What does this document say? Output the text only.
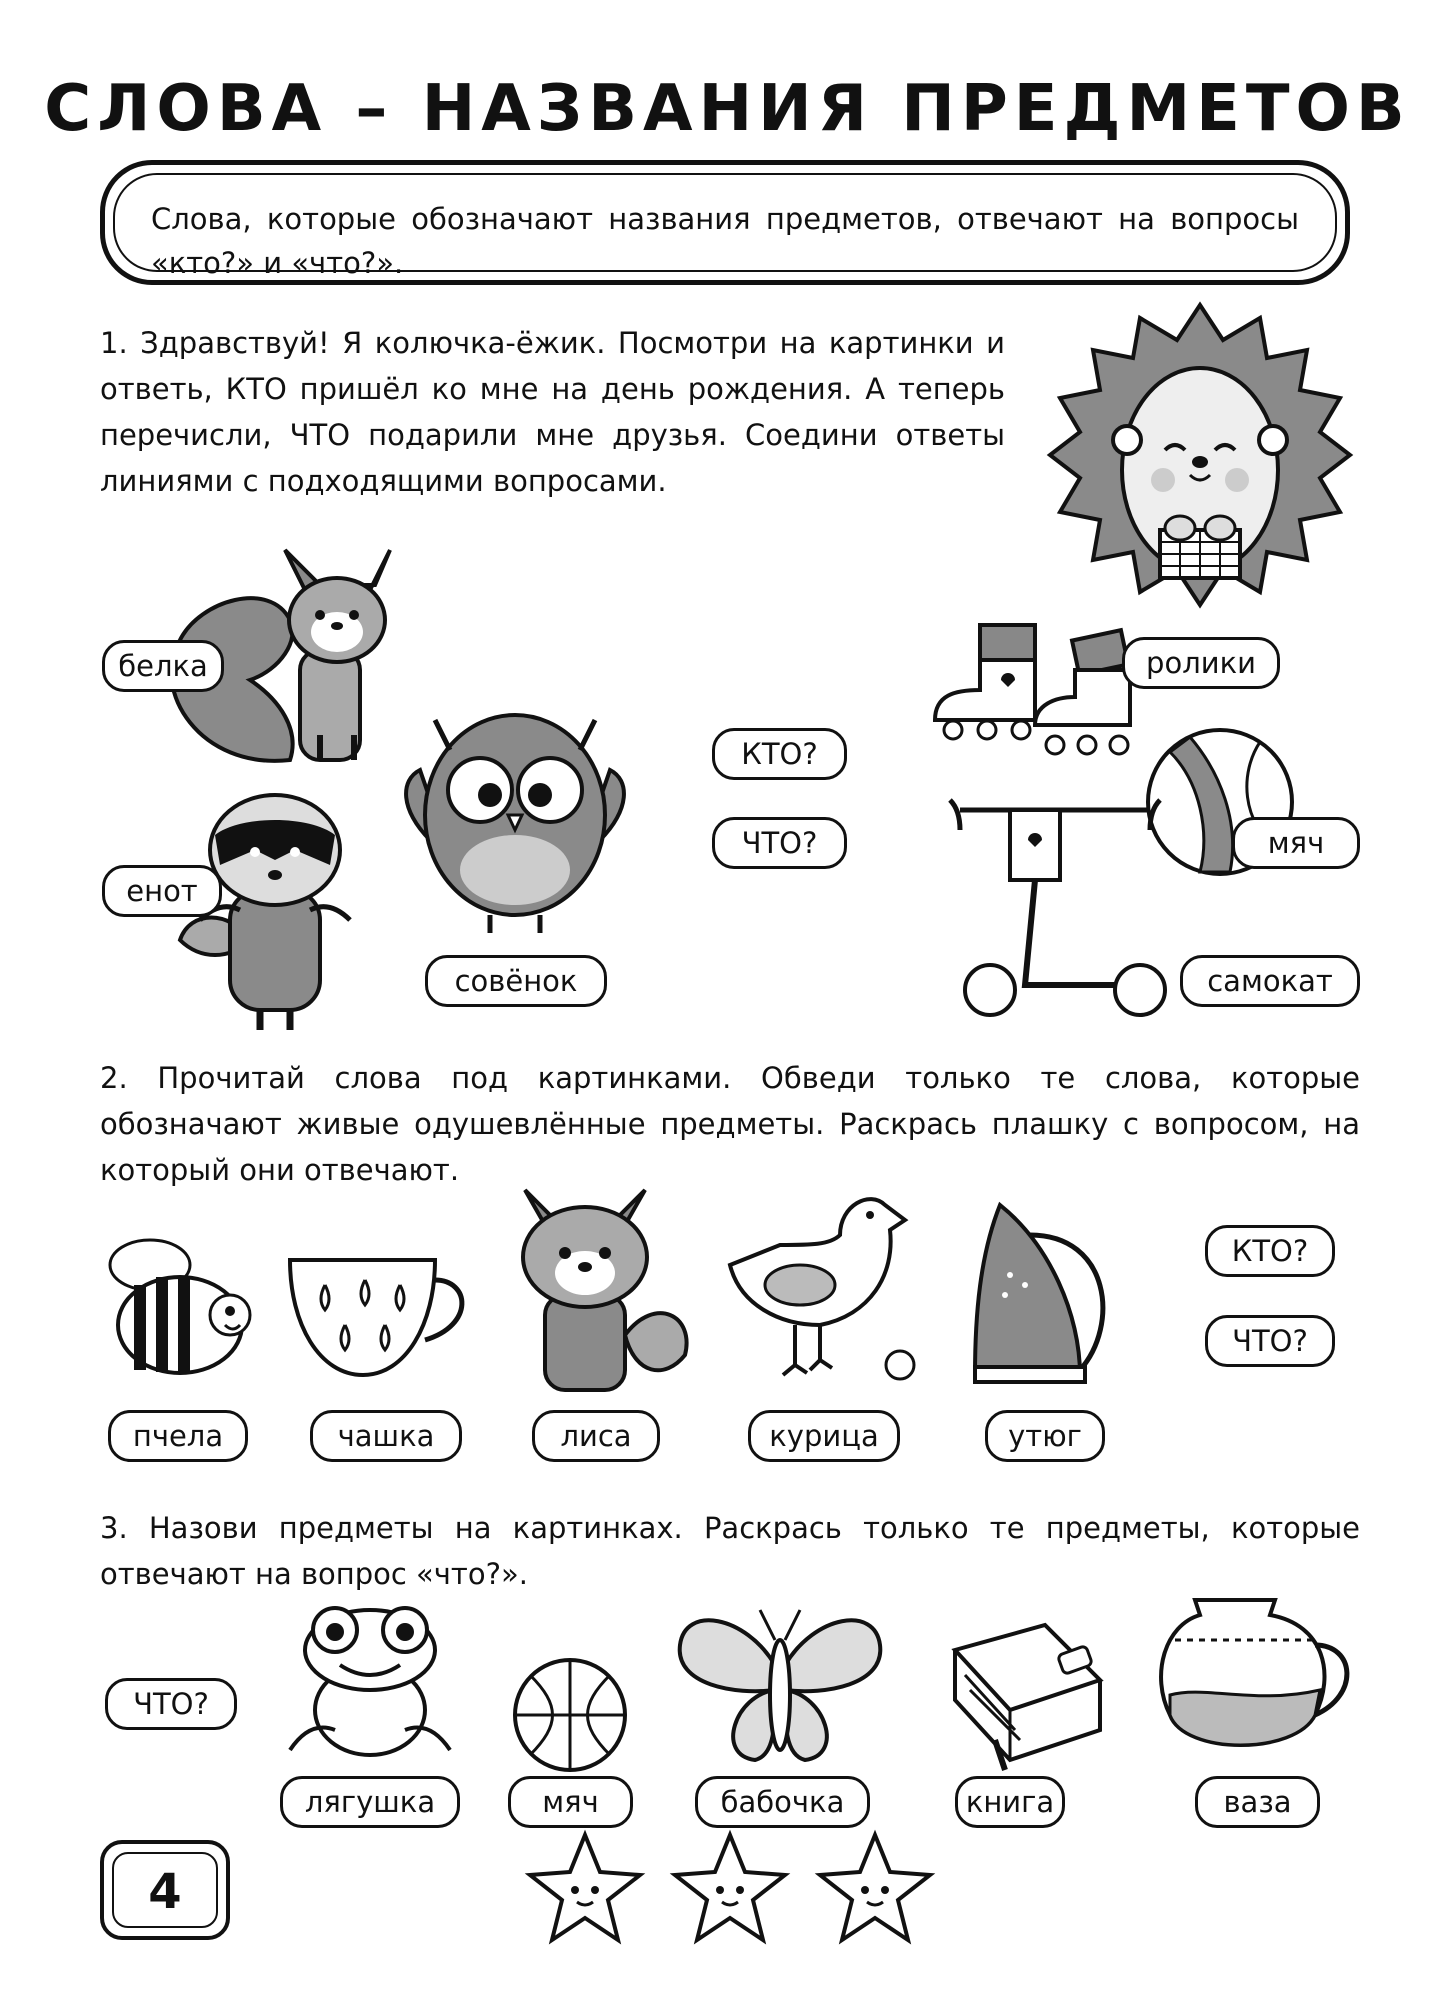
СЛОВА – НАЗВАНИЯ ПРЕДМЕТОВ
Слова, которые обозначают названия предметов, отвечают на вопросы «кто?» и «что?».
1. Здравствуй! Я колючка-ёжик. Посмотри на картинки и ответь, КТО пришёл ко мне на день рождения. А теперь перечисли, ЧТО подарили мне друзья. Соедини ответы линиями с подходящими вопросами.
белка
енот
совёнок
КТО?
ЧТО?
ролики
мяч
самокат
2. Прочитай слова под картинками. Обведи только те слова, которые обозначают живые одушевлённые предметы. Раскрась плашку с вопросом, на который они отвечают.
пчела	чашка	лиса	курица	утюг
КТО?
ЧТО?
3. Назови предметы на картинках. Раскрась только те предметы, которые отвечают на вопрос «что?».
ЧТО?
лягушка	мяч	бабочка	книга	ваза
4
